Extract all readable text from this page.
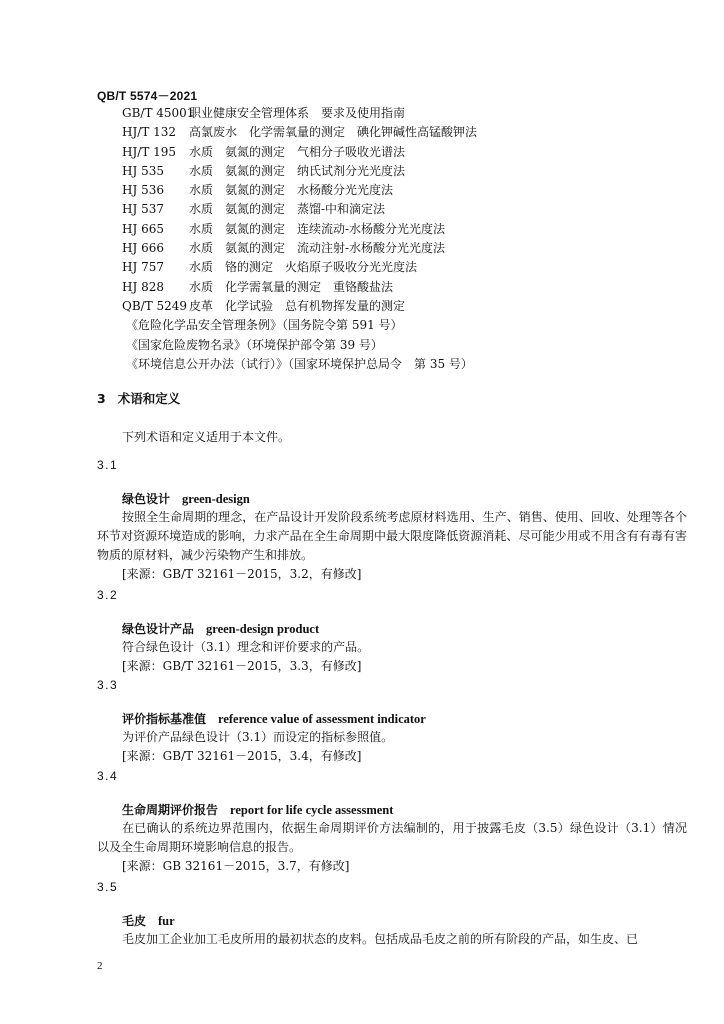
QB/T 5574－2021
GB/T 45001职业健康安全管理体系　要求及使用指南
HJ/T 132 高氯废水　化学需氧量的测定　碘化钾碱性高锰酸钾法
HJ/T 195 水质　氨氮的测定　气相分子吸收光谱法
HJ 535 水质　氨氮的测定　纳氏试剂分光光度法
HJ 536 水质　氨氮的测定　水杨酸分光光度法
HJ 537 水质　氨氮的测定　蒸馏-中和滴定法
HJ 665 水质　氨氮的测定　连续流动-水杨酸分光光度法
HJ 666 水质　氨氮的测定　流动注射-水杨酸分光光度法
HJ 757 水质　铬的测定　火焰原子吸收分光光度法
HJ 828 水质　化学需氧量的测定　重铬酸盐法
QB/T 5249 皮革　化学试验　总有机物挥发量的测定
《危险化学品安全管理条例》（国务院令第 591 号）
《国家危险废物名录》（环境保护部令第 39 号）
《环境信息公开办法（试行）》（国家环境保护总局令　第 35 号）
3 术语和定义
下列术语和定义适用于本文件。
3.1
绿色设计 green-design
按照全生命周期的理念，在产品设计开发阶段系统考虑原材料选用、生产、销售、使用、回收、处理等各个环节对资源环境造成的影响，力求产品在全生命周期中最大限度降低资源消耗、尽可能少用或不用含有有毒有害物质的原材料，减少污染物产生和排放。
[来源：GB/T 32161－2015，3.2，有修改]
3.2
绿色设计产品 green-design product
符合绿色设计（3.1）理念和评价要求的产品。
[来源：GB/T 32161－2015，3.3，有修改]
3.3
评价指标基准值 reference value of assessment indicator
为评价产品绿色设计（3.1）而设定的指标参照值。
[来源：GB/T 32161－2015，3.4，有修改]
3.4
生命周期评价报告 report for life cycle assessment
在已确认的系统边界范围内，依据生命周期评价方法编制的，用于披露毛皮（3.5）绿色设计（3.1）情况以及全生命周期环境影响信息的报告。
[来源：GB 32161－2015，3.7，有修改]
3.5
毛皮 fur
毛皮加工企业加工毛皮所用的最初状态的皮料。包括成品毛皮之前的所有阶段的产品，如生皮、已
2
